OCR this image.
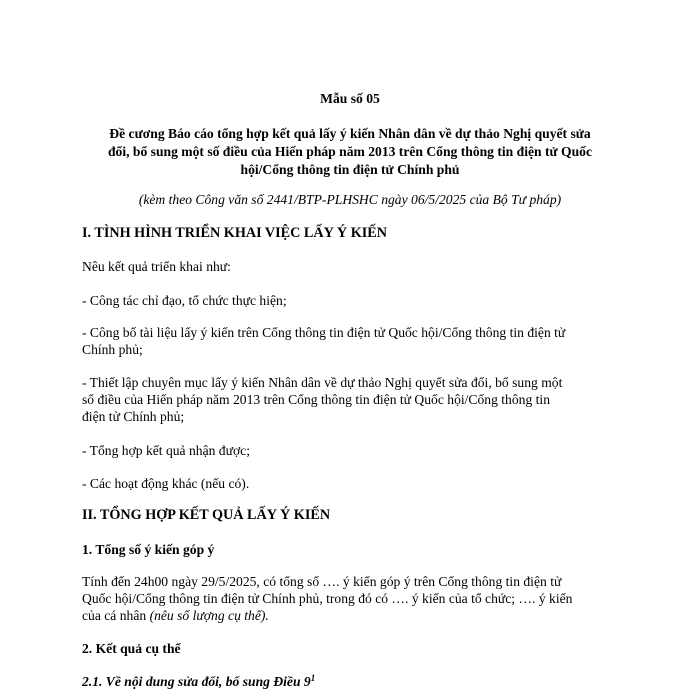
Mẫu số 05
Đề cương Báo cáo tổng hợp kết quả lấy ý kiến Nhân dân về dự thảo Nghị quyết sửa
đổi, bổ sung một số điều của Hiến pháp năm 2013 trên Cổng thông tin điện tử Quốc
hội/Cổng thông tin điện tử Chính phủ
(kèm theo Công văn số 2441/BTP-PLHSHC ngày 06/5/2025 của Bộ Tư pháp)
I. TÌNH HÌNH TRIỂN KHAI VIỆC LẤY Ý KIẾN
Nêu kết quả triển khai như:
- Công tác chỉ đạo, tổ chức thực hiện;
- Công bố tài liệu lấy ý kiến trên Cổng thông tin điện tử Quốc hội/Cổng thông tin điện tử
Chính phủ;
- Thiết lập chuyên mục lấy ý kiến Nhân dân về dự thảo Nghị quyết sửa đổi, bổ sung một
số điều của Hiến pháp năm 2013 trên Cổng thông tin điện tử Quốc hội/Cổng thông tin
điện tử Chính phủ;
- Tổng hợp kết quả nhận được;
- Các hoạt động khác (nếu có).
II. TỔNG HỢP KẾT QUẢ LẤY Ý KIẾN
1. Tổng số ý kiến góp ý
Tính đến 24h00 ngày 29/5/2025, có tổng số …. ý kiến góp ý trên Cổng thông tin điện tử
Quốc hội/Cổng thông tin điện tử Chính phủ, trong đó có …. ý kiến của tổ chức; …. ý kiến
của cá nhân (nêu số lượng cụ thể).
2. Kết quả cụ thể
2.1. Về nội dung sửa đổi, bổ sung Điều $9^1$
